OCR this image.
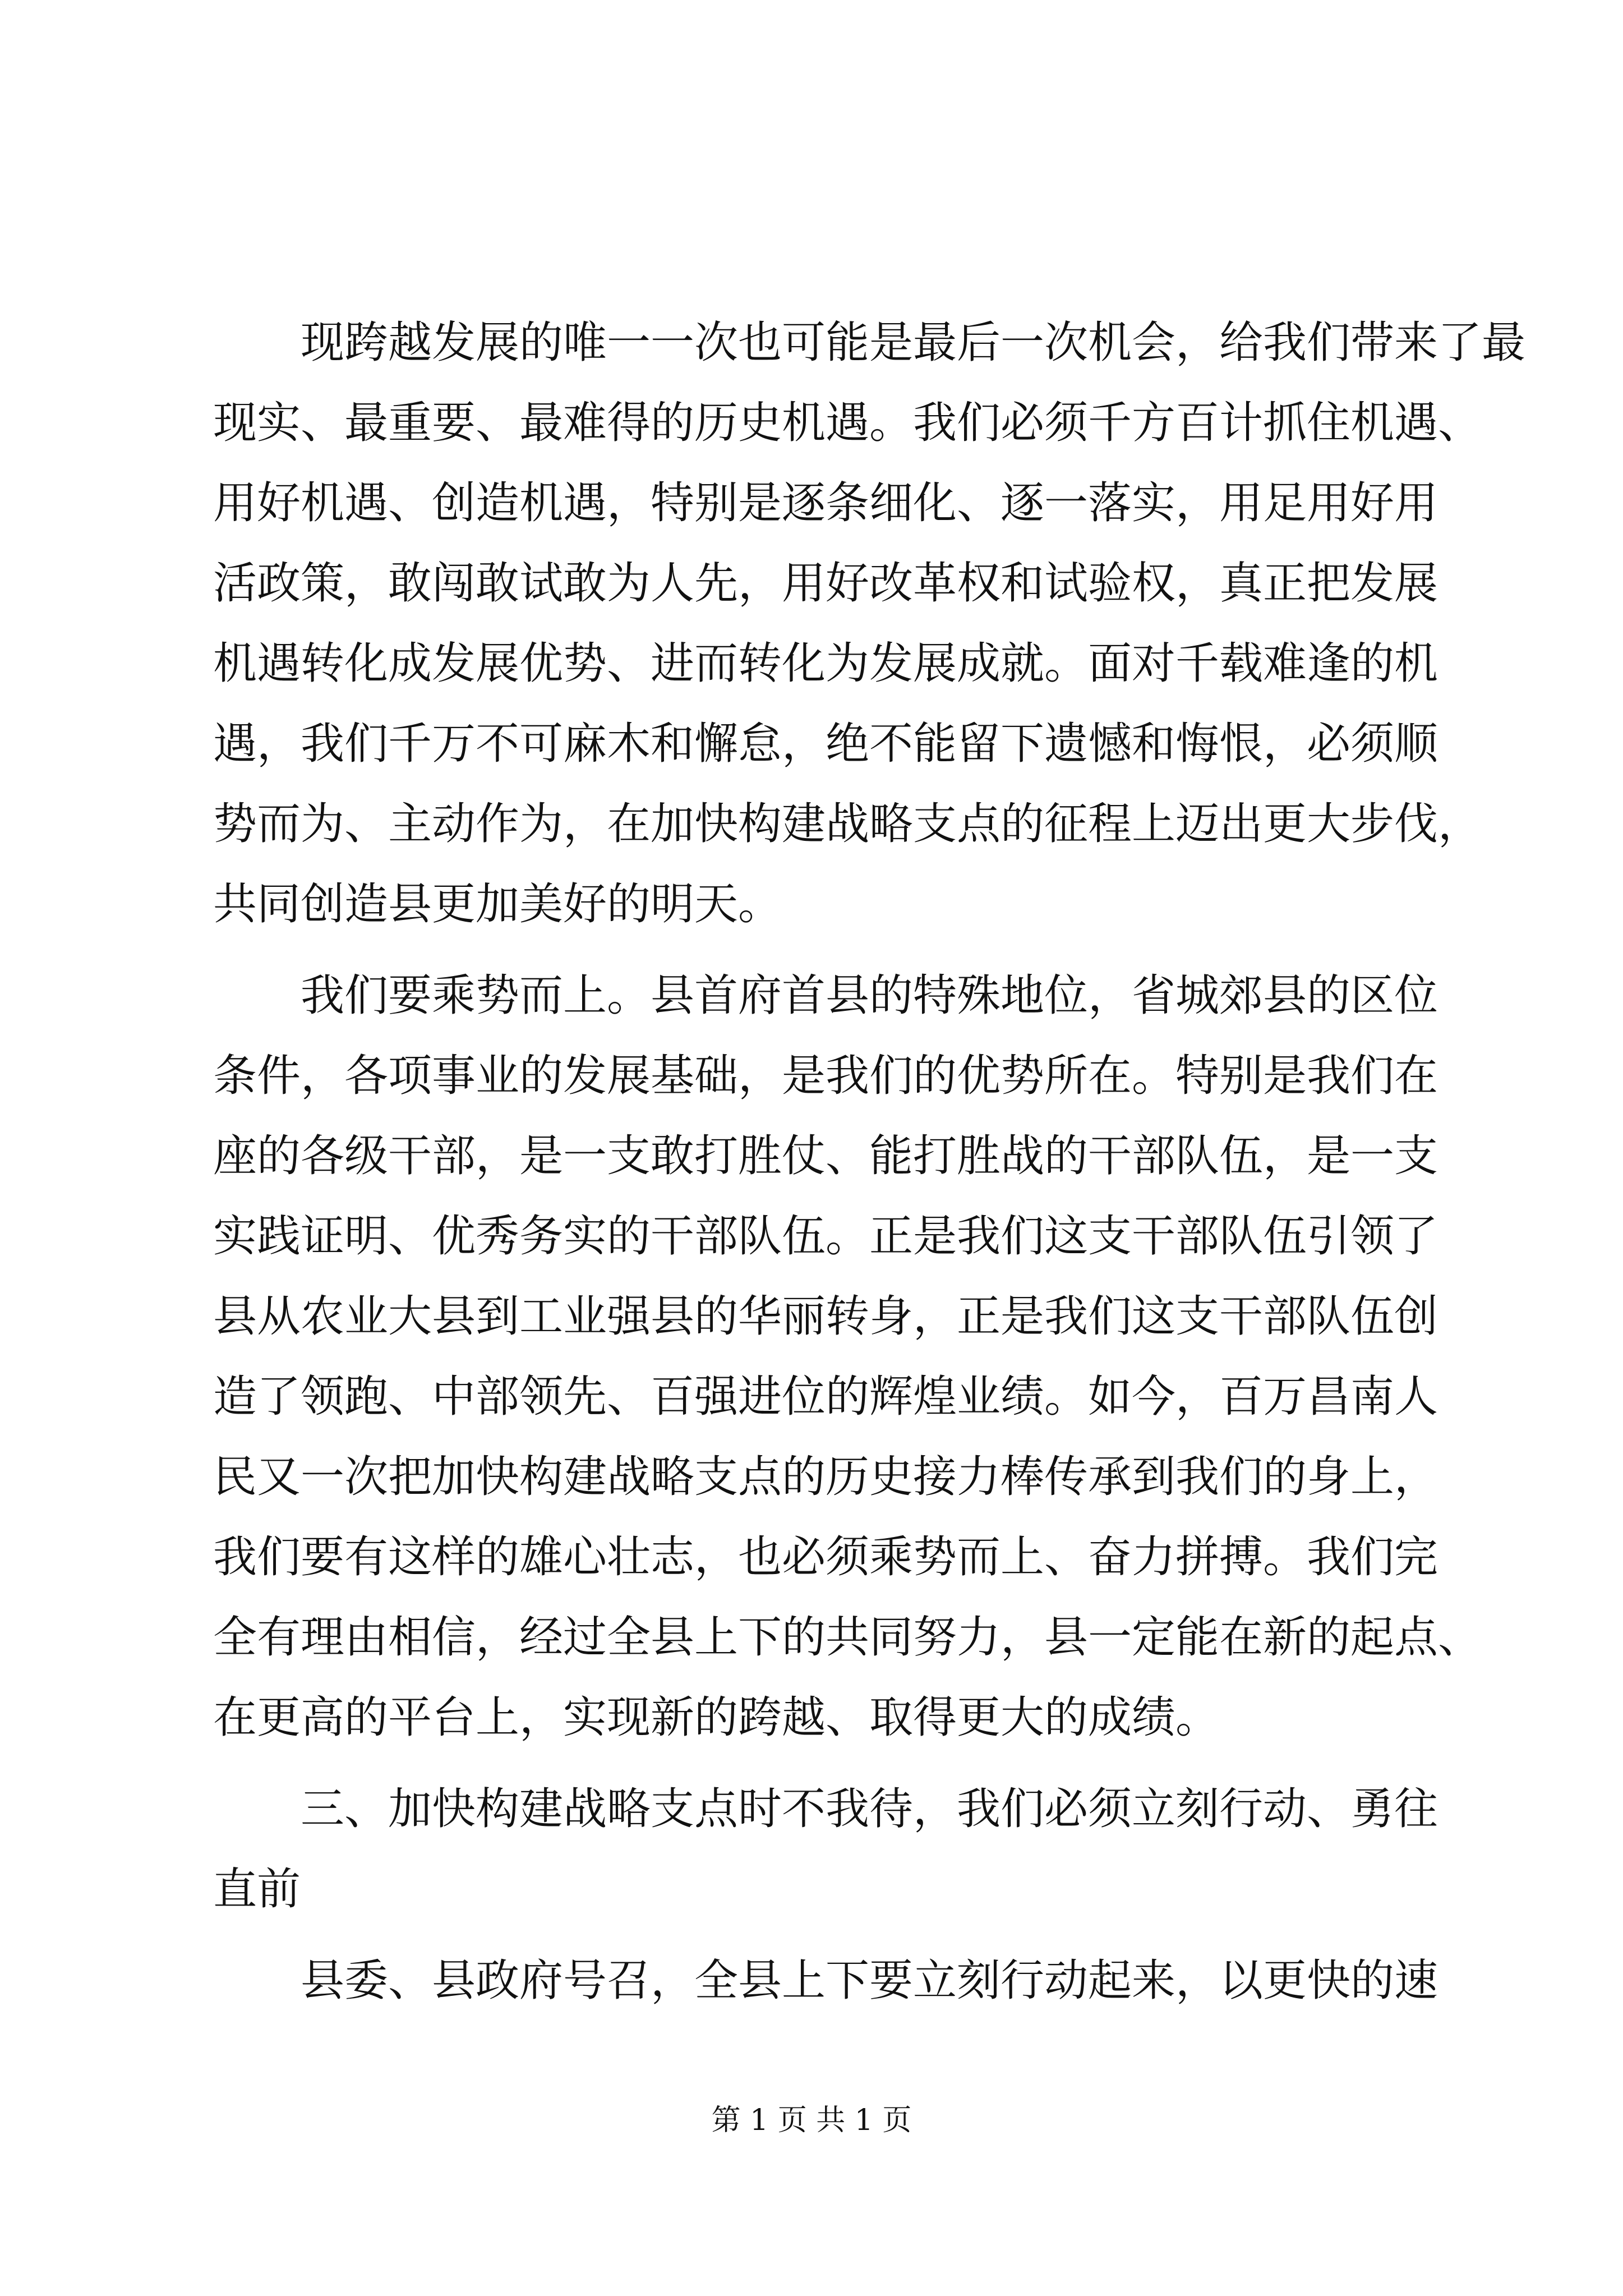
现跨越发展的唯一一次也可能是最后一次机会，给我们带来了最
现实、最重要、最难得的历史机遇。我们必须千方百计抓住机遇、
用好机遇、创造机遇，特别是逐条细化、逐一落实，用足用好用
活政策，敢闯敢试敢为人先，用好改革权和试验权，真正把发展
机遇转化成发展优势、进而转化为发展成就。面对千载难逢的机
遇，我们千万不可麻木和懈怠，绝不能留下遗憾和悔恨，必须顺
势而为、主动作为，在加快构建战略支点的征程上迈出更大步伐，
共同创造县更加美好的明天。
我们要乘势而上。县首府首县的特殊地位，省城郊县的区位
条件，各项事业的发展基础，是我们的优势所在。特别是我们在
座的各级干部，是一支敢打胜仗、能打胜战的干部队伍，是一支
实践证明、优秀务实的干部队伍。正是我们这支干部队伍引领了
县从农业大县到工业强县的华丽转身，正是我们这支干部队伍创
造了领跑、中部领先、百强进位的辉煌业绩。如今，百万昌南人
民又一次把加快构建战略支点的历史接力棒传承到我们的身上，
我们要有这样的雄心壮志，也必须乘势而上、奋力拼搏。我们完
全有理由相信，经过全县上下的共同努力，县一定能在新的起点、
在更高的平台上，实现新的跨越、取得更大的成绩。
三、加快构建战略支点时不我待，我们必须立刻行动、勇往
直前
县委、县政府号召，全县上下要立刻行动起来，以更快的速
第 1 页 共 1 页
